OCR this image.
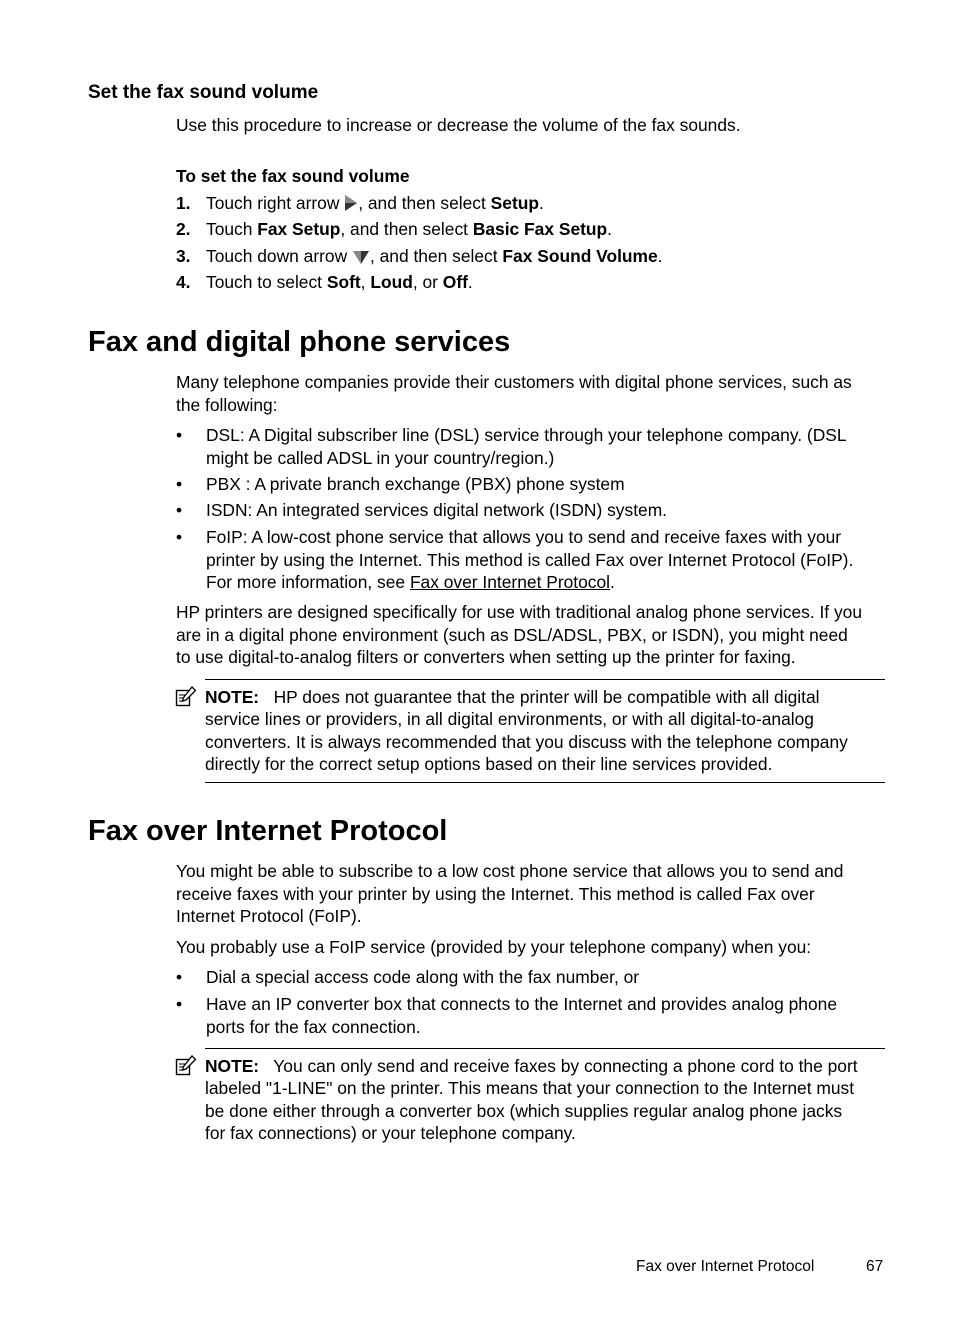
Set the fax sound volume
Use this procedure to increase or decrease the volume of the fax sounds.
To set the fax sound volume
1. Touch right arrow , and then select Setup.
2. Touch Fax Setup, and then select Basic Fax Setup.
3. Touch down arrow , and then select Fax Sound Volume.
4. Touch to select Soft, Loud, or Off.
Fax and digital phone services
Many telephone companies provide their customers with digital phone services, such as
the following:
• DSL: A Digital subscriber line (DSL) service through your telephone company. (DSL
might be called ADSL in your country/region.)
• PBX : A private branch exchange (PBX) phone system
• ISDN: An integrated services digital network (ISDN) system.
• FoIP: A low-cost phone service that allows you to send and receive faxes with your
printer by using the Internet. This method is called Fax over Internet Protocol (FoIP).
For more information, see Fax over Internet Protocol.
HP printers are designed specifically for use with traditional analog phone services. If you
are in a digital phone environment (such as DSL/ADSL, PBX, or ISDN), you might need
to use digital-to-analog filters or converters when setting up the printer for faxing.
NOTE: HP does not guarantee that the printer will be compatible with all digital
service lines or providers, in all digital environments, or with all digital-to-analog
converters. It is always recommended that you discuss with the telephone company
directly for the correct setup options based on their line services provided.
Fax over Internet Protocol
You might be able to subscribe to a low cost phone service that allows you to send and
receive faxes with your printer by using the Internet. This method is called Fax over
Internet Protocol (FoIP).
You probably use a FoIP service (provided by your telephone company) when you:
• Dial a special access code along with the fax number, or
• Have an IP converter box that connects to the Internet and provides analog phone
ports for the fax connection.
NOTE: You can only send and receive faxes by connecting a phone cord to the port
labeled "1-LINE" on the printer. This means that your connection to the Internet must
be done either through a converter box (which supplies regular analog phone jacks
for fax connections) or your telephone company.
Fax over Internet Protocol	67
